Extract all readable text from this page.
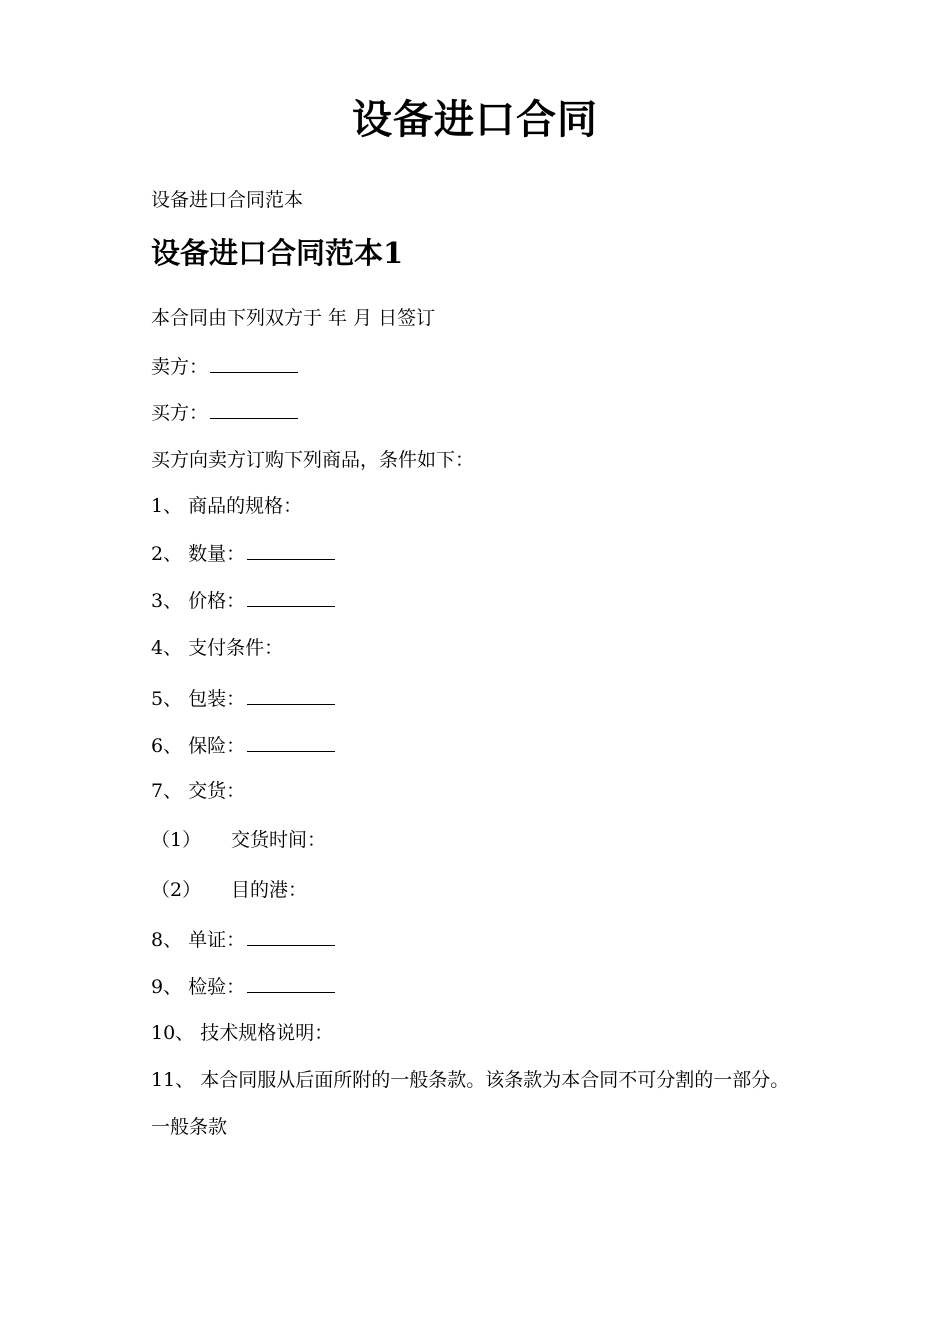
设备进口合同
设备进口合同范本
设备进口合同范本1
本合同由下列双方于 年 月 日签订
卖方：
买方：
买方向卖方订购下列商品，条件如下：
1、 商品的规格：
2、 数量：
3、 价格：
4、 支付条件：
5、 包装：
6、 保险：
7、 交货：
（1） 交货时间：
（2） 目的港：
8、 单证：
9、 检验：
10、 技术规格说明：
11、 本合同服从后面所附的一般条款。该条款为本合同不可分割的一部分。
一般条款
